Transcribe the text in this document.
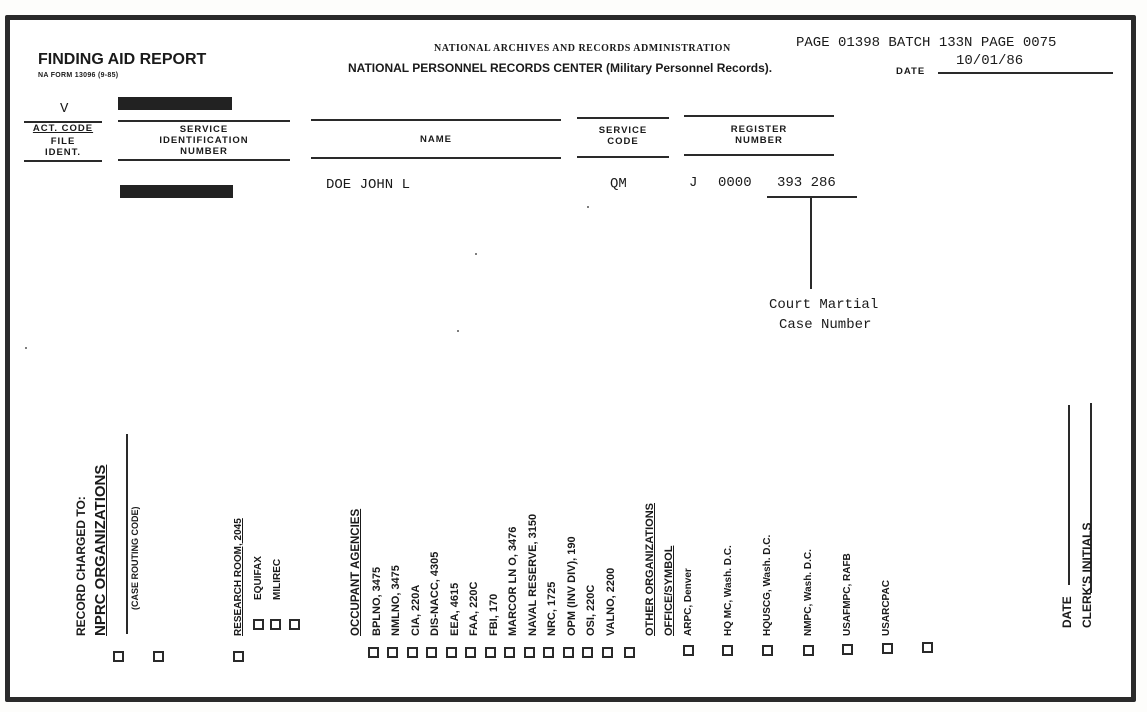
FINDING AID REPORT
NA FORM 13096 (9-85)
NATIONAL ARCHIVES AND RECORDS ADMINISTRATION
NATIONAL PERSONNEL RECORDS CENTER (Military Personnel Records).
PAGE 01398 BATCH 133N PAGE 0075
DATE
10/01/86
V
ACT. CODE
FILE
IDENT.
SERVICE
IDENTIFICATION
NUMBER
NAME
SERVICE
CODE
REGISTER
NUMBER
DOE JOHN L	QM	J 0000 393 286
Court Martial
Case Number
RECORD CHARGED TO: NPRC ORGANIZATIONS (CASE ROUTING CODE)	RESEARCH ROOM, 2045 EQUIFAX MILIREC	OCCUPANT AGENCIES BPLNO, 3475 NMLNO, 3475 CIA, 220A DIS-NACC, 4305 EEA, 4615 FAA, 220C FBI, 170 MARCOR LN O, 3476 NAVAL RESERVE, 3150 NRC, 1725 OPM (INV DIV), 190 OSI, 220C VALNO, 2200 OTHER ORGANIZATIONS OFFICE/SYMBOL ARPC, Denver	HQ MC, Wash. D.C.	HQUSCG, Wash. D.C.	NMPC, Wash. D.C.	USAFMPC, RAFB	USARCPAC	DATE CLERK'S INITIALS
